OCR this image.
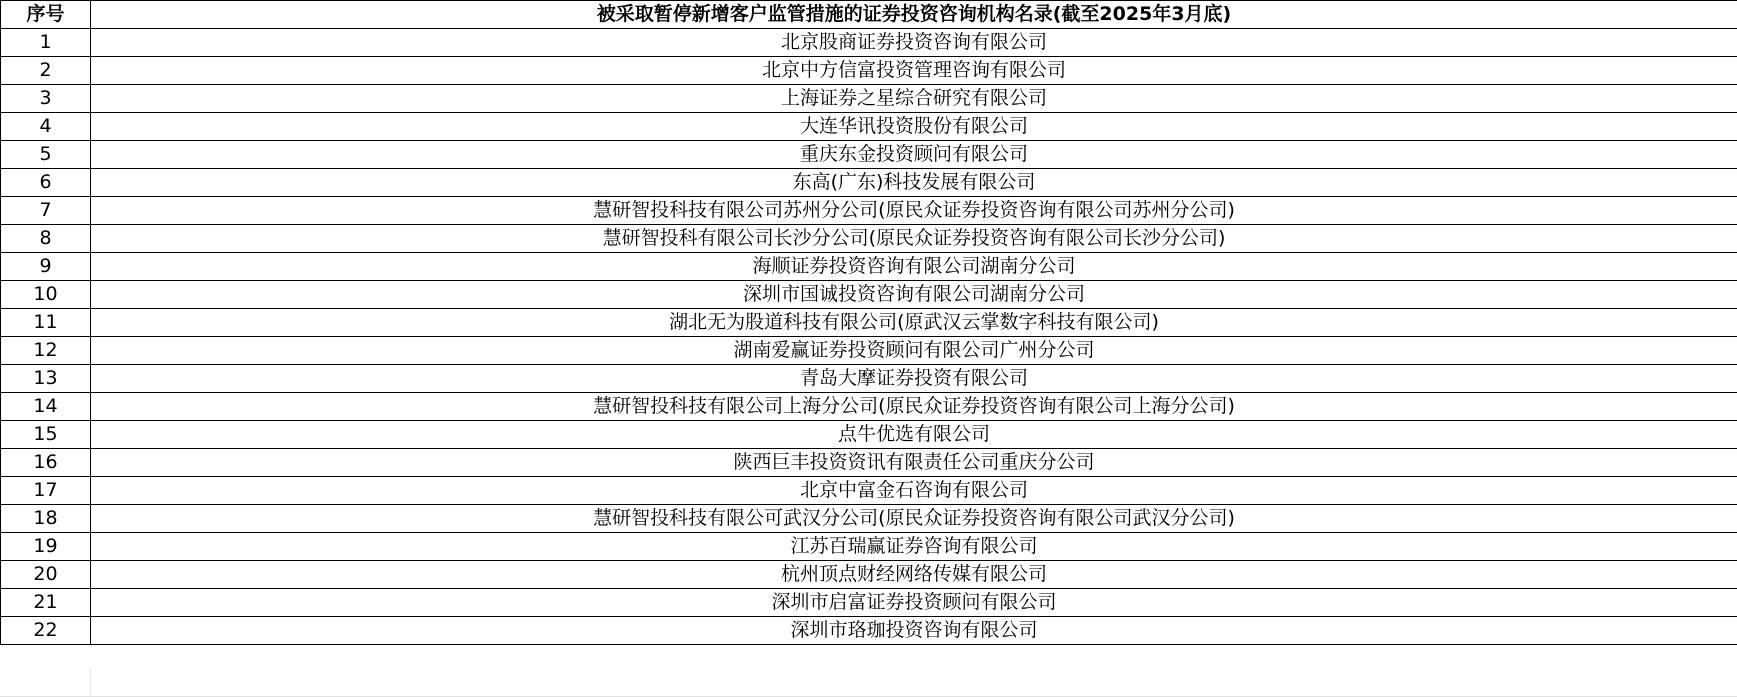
序号	被采取暂停新增客户监管措施的证券投资咨询机构名录(截至2025年3月底)
1	北京股商证券投资咨询有限公司
2	北京中方信富投资管理咨询有限公司
3	上海证券之星综合研究有限公司
4	大连华讯投资股份有限公司
5	重庆东金投资顾问有限公司
6	东高(广东)科技发展有限公司
7	慧研智投科技有限公司苏州分公司(原民众证券投资咨询有限公司苏州分公司)
8	慧研智投科有限公司长沙分公司(原民众证券投资咨询有限公司长沙分公司)
9	海顺证券投资咨询有限公司湖南分公司
10	深圳市国诚投资咨询有限公司湖南分公司
11	湖北无为股道科技有限公司(原武汉云掌数字科技有限公司)
12	湖南爱赢证券投资顾问有限公司广州分公司
13	青岛大摩证券投资有限公司
14	慧研智投科技有限公司上海分公司(原民众证券投资咨询有限公司上海分公司)
15	点牛优选有限公司
16	陕西巨丰投资资讯有限责任公司重庆分公司
17	北京中富金石咨询有限公司
18	慧研智投科技有限公可武汉分公司(原民众证券投资咨询有限公司武汉分公司)
19	江苏百瑞赢证券咨询有限公司
20	杭州顶点财经网络传媒有限公司
21	深圳市启富证券投资顾问有限公司
22	深圳市珞珈投资咨询有限公司
